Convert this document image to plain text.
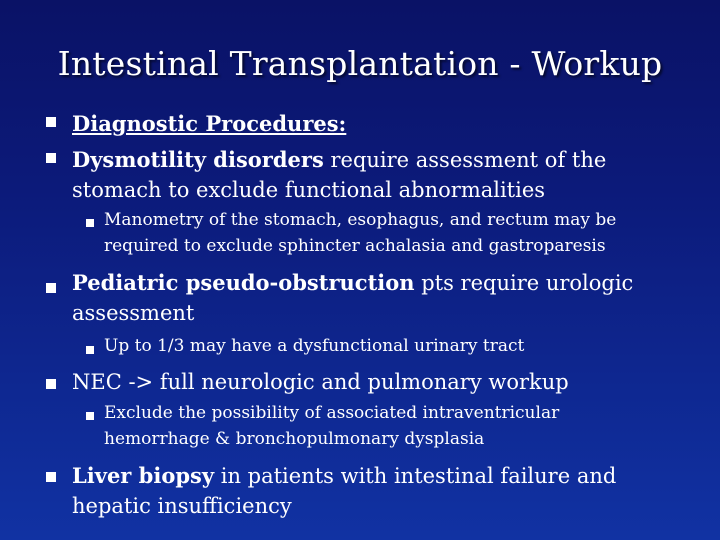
Intestinal Transplantation - Workup
Diagnostic Procedures:
Dysmotility disorders require assessment of the
stomach to exclude functional abnormalities
Manometry of the stomach, esophagus, and rectum may be
required to exclude sphincter achalasia and gastroparesis
Pediatric pseudo-obstruction pts require urologic
assessment
Up to 1/3 may have a dysfunctional urinary tract
NEC -> full neurologic and pulmonary workup
Exclude the possibility of associated intraventricular
hemorrhage & bronchopulmonary dysplasia
Liver biopsy in patients with intestinal failure and
hepatic insufficiency
